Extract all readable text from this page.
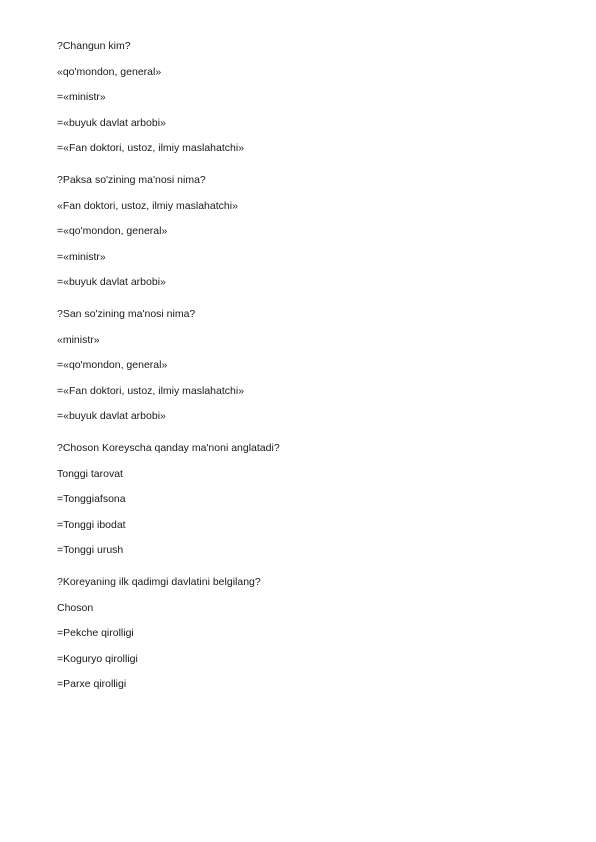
?Changun kim?
«qo'mondon, general»
=«ministr»
=«buyuk davlat arbobi»
=«Fan doktori, ustoz, ilmiy maslahatchi»
?Paksa so'zining ma'nosi nima?
«Fan doktori, ustoz, ilmiy maslahatchi»
=«qo'mondon, general»
=«ministr»
=«buyuk davlat arbobi»
?San so'zining ma'nosi nima?
«ministr»
=«qo'mondon, general»
=«Fan doktori, ustoz, ilmiy maslahatchi»
=«buyuk davlat arbobi»
?Choson Koreyscha qanday ma'noni anglatadi?
Tonggi tarovat
=Tonggiafsona
=Tonggi ibodat
=Tonggi urush
?Koreyaning ilk qadimgi davlatini belgilang?
Choson
=Pekche qirolligi
=Koguryo qirolligi
=Parxe qirolligi
